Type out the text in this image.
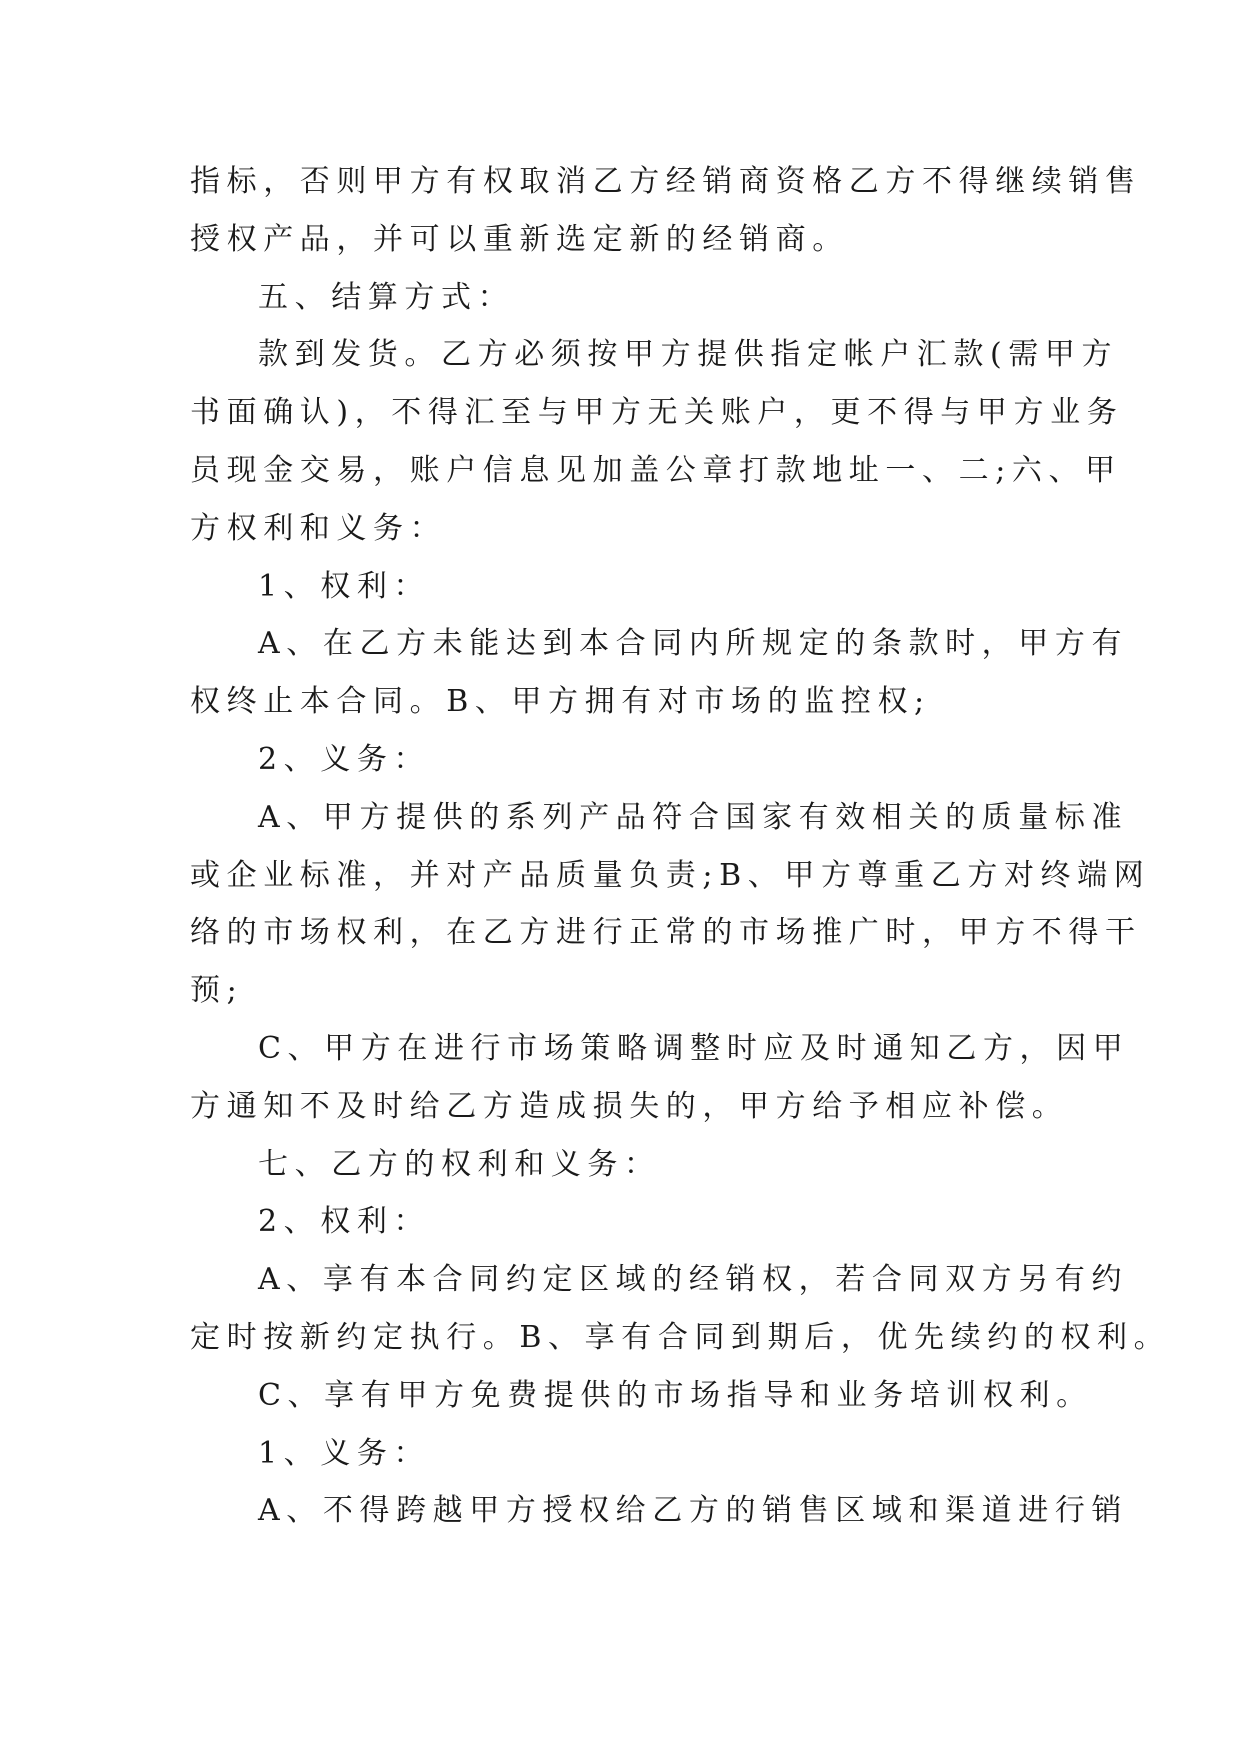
指标，否则甲方有权取消乙方经销商资格乙方不得继续销售
授权产品，并可以重新选定新的经销商。
五、结算方式：
款到发货。乙方必须按甲方提供指定帐户汇款(需甲方
书面确认)，不得汇至与甲方无关账户，更不得与甲方业务
员现金交易，账户信息见加盖公章打款地址一、二;六、甲
方权利和义务：
1、权利：
A、在乙方未能达到本合同内所规定的条款时，甲方有
权终止本合同。B、甲方拥有对市场的监控权;
2、义务：
A、甲方提供的系列产品符合国家有效相关的质量标准
或企业标准，并对产品质量负责;B、甲方尊重乙方对终端网
络的市场权利，在乙方进行正常的市场推广时，甲方不得干
预;
C、甲方在进行市场策略调整时应及时通知乙方，因甲
方通知不及时给乙方造成损失的，甲方给予相应补偿。
七、乙方的权利和义务：
2、权利：
A、享有本合同约定区域的经销权，若合同双方另有约
定时按新约定执行。B、享有合同到期后，优先续约的权利。
C、享有甲方免费提供的市场指导和业务培训权利。
1、义务：
A、不得跨越甲方授权给乙方的销售区域和渠道进行销
